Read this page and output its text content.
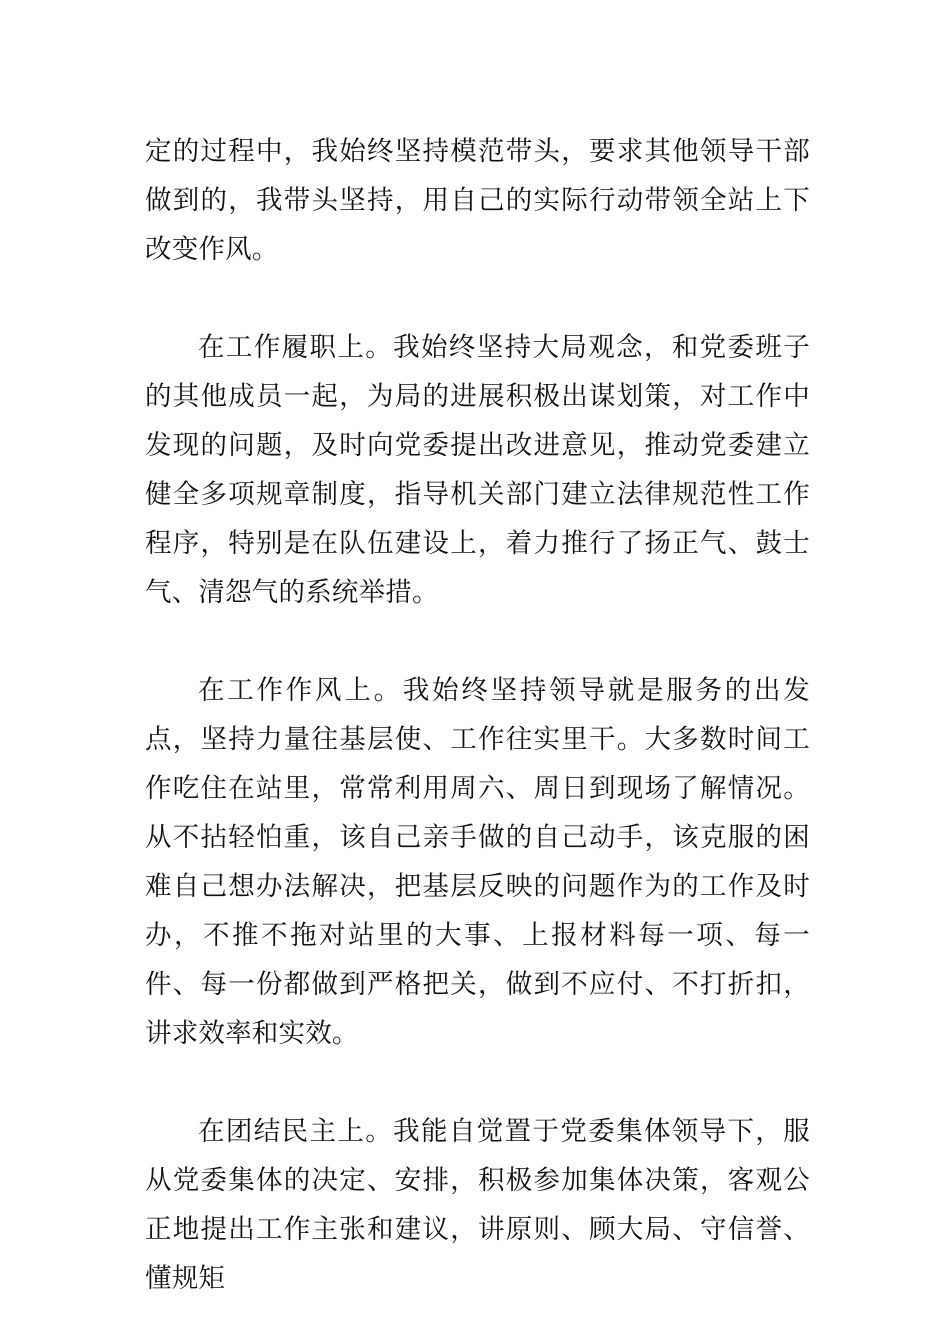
定的过程中，我始终坚持模范带头，要求其他领导干部做到的，我带头坚持，用自己的实际行动带领全站上下改变作风。

在工作履职上。我始终坚持大局观念，和党委班子的其他成员一起，为局的进展积极出谋划策，对工作中发现的问题，及时向党委提出改进意见，推动党委建立健全多项规章制度，指导机关部门建立法律规范性工作程序，特别是在队伍建设上，着力推行了扬正气、鼓士气、清怨气的系统举措。

在工作作风上。我始终坚持领导就是服务的出发点，坚持力量往基层使、工作往实里干。大多数时间工作吃住在站里，常常利用周六、周日到现场了解情况。从不拈轻怕重，该自己亲手做的自己动手，该克服的困难自己想办法解决，把基层反映的问题作为的工作及时办，不推不拖对站里的大事、上报材料每一项、每一件、每一份都做到严格把关，做到不应付、不打折扣，讲求效率和实效。

在团结民主上。我能自觉置于党委集体领导下，服从党委集体的决定、安排，积极参加集体决策，客观公正地提出工作主张和建议，讲原则、顾大局、守信誉、懂规矩
